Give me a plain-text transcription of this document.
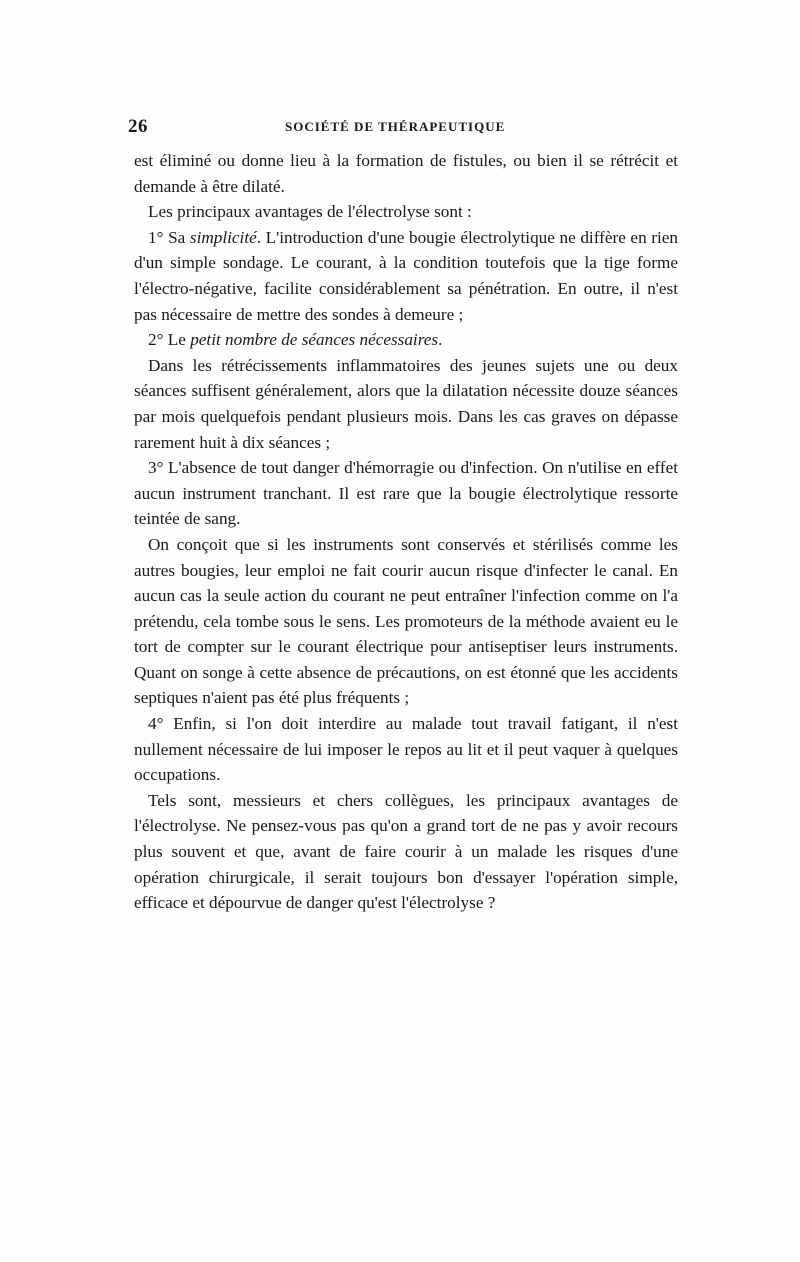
26	SOCIÉTÉ DE THÉRAPEUTIQUE

est éliminé ou donne lieu à la formation de fistules, ou bien il se rétrécit et demande à être dilaté.

Les principaux avantages de l'électrolyse sont :

1° Sa simplicité. L'introduction d'une bougie électrolytique ne diffère en rien d'un simple sondage. Le courant, à la condition toutefois que la tige forme l'électro-négative, facilite considérablement sa pénétration. En outre, il n'est pas nécessaire de mettre des sondes à demeure ;

2° Le petit nombre de séances nécessaires.

Dans les rétrécissements inflammatoires des jeunes sujets une ou deux séances suffisent généralement, alors que la dilatation nécessite douze séances par mois quelquefois pendant plusieurs mois. Dans les cas graves on dépasse rarement huit à dix séances ;

3° L'absence de tout danger d'hémorragie ou d'infection. On n'utilise en effet aucun instrument tranchant. Il est rare que la bougie électrolytique ressorte teintée de sang.

On conçoit que si les instruments sont conservés et stérilisés comme les autres bougies, leur emploi ne fait courir aucun risque d'infecter le canal. En aucun cas la seule action du courant ne peut entraîner l'infection comme on l'a prétendu, cela tombe sous le sens. Les promoteurs de la méthode avaient eu le tort de compter sur le courant électrique pour antiseptiser leurs instruments. Quant on songe à cette absence de précautions, on est étonné que les accidents septiques n'aient pas été plus fréquents ;

4° Enfin, si l'on doit interdire au malade tout travail fatigant, il n'est nullement nécessaire de lui imposer le repos au lit et il peut vaquer à quelques occupations.

Tels sont, messieurs et chers collègues, les principaux avantages de l'électrolyse. Ne pensez-vous pas qu'on a grand tort de ne pas y avoir recours plus souvent et que, avant de faire courir à un malade les risques d'une opération chirurgicale, il serait toujours bon d'essayer l'opération simple, efficace et dépourvue de danger qu'est l'électrolyse ?
